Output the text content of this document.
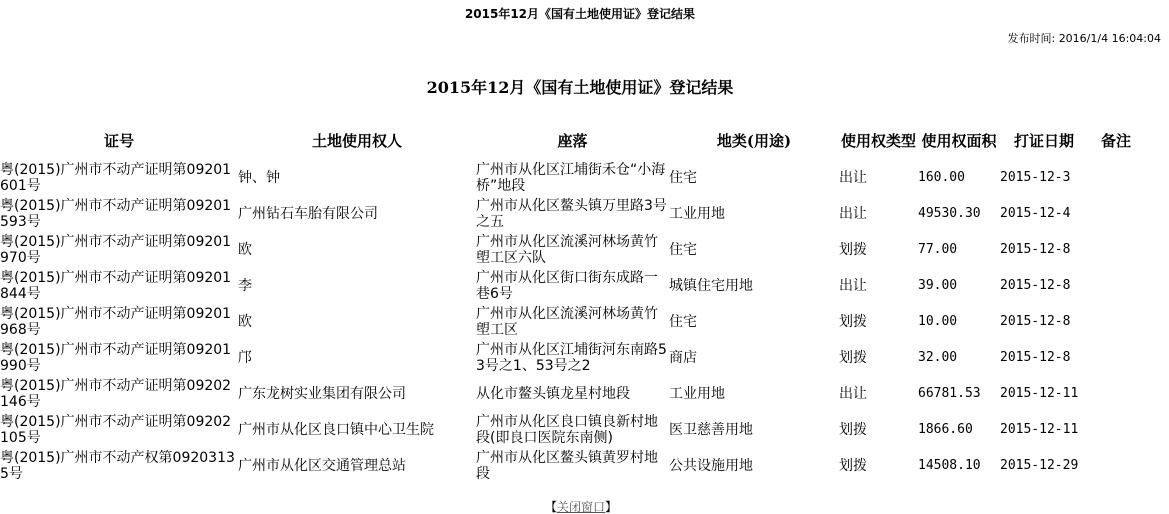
2015年12月《国有土地使用证》登记结果
发布时间: 2016/1/4 16:04:04
2015年12月《国有土地使用证》登记结果
证号	土地使用权人	座落	地类(用途)	使用权类型	使用权面积	打证日期	备注
粤(2015)广州市不动产证明第09201601号	钟、钟	广州市从化区江埔街禾仓“小海桥”地段	住宅	出让	160.00	2015-12-3	
粤(2015)广州市不动产证明第09201593号	广州钻石车胎有限公司	广州市从化区鳌头镇万里路3号之五	工业用地	出让	49530.30	2015-12-4	
粤(2015)广州市不动产证明第09201970号	欧	广州市从化区流溪河林场黄竹塱工区六队	住宅	划拨	77.00	2015-12-8	
粤(2015)广州市不动产证明第09201844号	李	广州市从化区街口街东成路一巷6号	城镇住宅用地	出让	39.00	2015-12-8	
粤(2015)广州市不动产证明第09201968号	欧	广州市从化区流溪河林场黄竹塱工区	住宅	划拨	10.00	2015-12-8	
粤(2015)广州市不动产证明第09201990号	邝	广州市从化区江埔街河东南路53号之1、53号之2	商店	划拨	32.00	2015-12-8	
粤(2015)广州市不动产证明第09202146号	广东龙树实业集团有限公司	从化市鳌头镇龙星村地段	工业用地	出让	66781.53	2015-12-11	
粤(2015)广州市不动产证明第09202105号	广州市从化区良口镇中心卫生院	广州市从化区良口镇良新村地段(即良口医院东南侧)	医卫慈善用地	划拨	1866.60	2015-12-11	
粤(2015)广州市不动产权第09203135号	广州市从化区交通管理总站	广州市从化区鳌头镇黄罗村地段	公共设施用地	划拨	14508.10	2015-12-29	
【关闭窗口】
